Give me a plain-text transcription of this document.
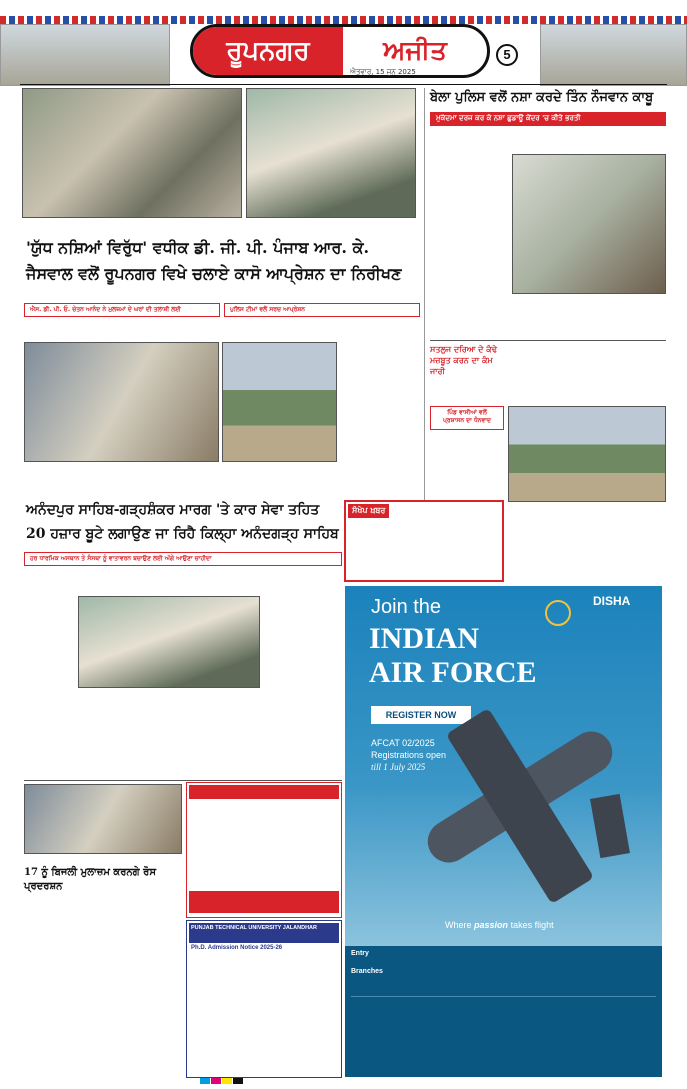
ਰੂਪਨਗਰ	ਅਜੀਤ	5
ਐਤਵਾਰ, 15 ਜੂਨ 2025
'ਯੁੱਧ ਨਸ਼ਿਆਂ ਵਿਰੁੱਧ' ਵਧੀਕ ਡੀ. ਜੀ. ਪੀ. ਪੰਜਾਬ ਆਰ. ਕੇ.
ਜੈਸਵਾਲ ਵਲੋਂ ਰੂਪਨਗਰ ਵਿਖੇ ਚਲਾਏ ਕਾਸੋ ਆਪ੍ਰੇਸ਼ਨ ਦਾ ਨਿਰੀਖਣ
ਐਸ. ਡੀ. ਪੀ. ਓ. ਚੇਤਨ ਆਨੰਦ ਨੇ ਮੁਲਜ਼ਮਾਂ ਦੇ ਘਰਾਂ ਦੀ ਤਲਾਸ਼ੀ ਲਈ	ਪੁਲਿਸ ਟੀਮਾਂ ਵਲੋਂ ਸਰਚ ਆਪ੍ਰੇਸ਼ਨ
ਬੇਲਾ ਪੁਲਿਸ ਵਲੋਂ ਨਸ਼ਾ ਕਰਦੇ ਤਿੰਨ ਨੌਜਵਾਨ ਕਾਬੂ
ਮੁਕੱਦਮਾ ਦਰਜ ਕਰ ਕੇ ਨਸ਼ਾ ਛੁਡਾਊ ਕੇਂਦਰ 'ਚ ਕੀਤੇ ਭਰਤੀ
ਸਤਲੁਜ ਦਰਿਆ ਦੇ ਕੰਢੇ ਮਜ਼ਬੂਤ ਕਰਨ ਦਾ ਕੰਮ ਜਾਰੀ
ਪਿੰਡ ਵਾਸੀਆਂ ਵਲੋਂ ਪ੍ਰਸ਼ਾਸਨ ਦਾ ਧੰਨਵਾਦ
ਸੰਖੇਪ ਖ਼ਬਰ
ਅਨੰਦਪੁਰ ਸਾਹਿਬ-ਗੜ੍ਹਸ਼ੰਕਰ ਮਾਰਗ 'ਤੇ ਕਾਰ ਸੇਵਾ ਤਹਿਤ
20 ਹਜ਼ਾਰ ਬੂਟੇ ਲਗਾਉਣ ਜਾ ਰਿਹੈ ਕਿਲ੍ਹਾ ਅਨੰਦਗੜ੍ਹ ਸਾਹਿਬ
ਹਰ ਧਾਰਮਿਕ ਅਸਥਾਨ ਤੇ ਸੰਸਥਾ ਨੂੰ ਵਾਤਾਵਰਨ ਬਚਾਉਣ ਲਈ ਅੱਗੇ ਆਉਣਾ ਚਾਹੀਦਾ
17 ਨੂੰ ਬਿਜਲੀ ਮੁਲਾਜ਼ਮ ਕਰਨਗੇ ਰੋਸ
ਪ੍ਰਦਰਸ਼ਨ
PUNJAB TECHNICAL UNIVERSITY JALANDHAR
Ph.D. Admission Notice 2025-26
Join the
INDIAN
AIR FORCE
DISHA
REGISTER NOW
AFCAT 02/2025
Registrations open
till 1 July 2025
Where passion takes flight
Entry
Branches
